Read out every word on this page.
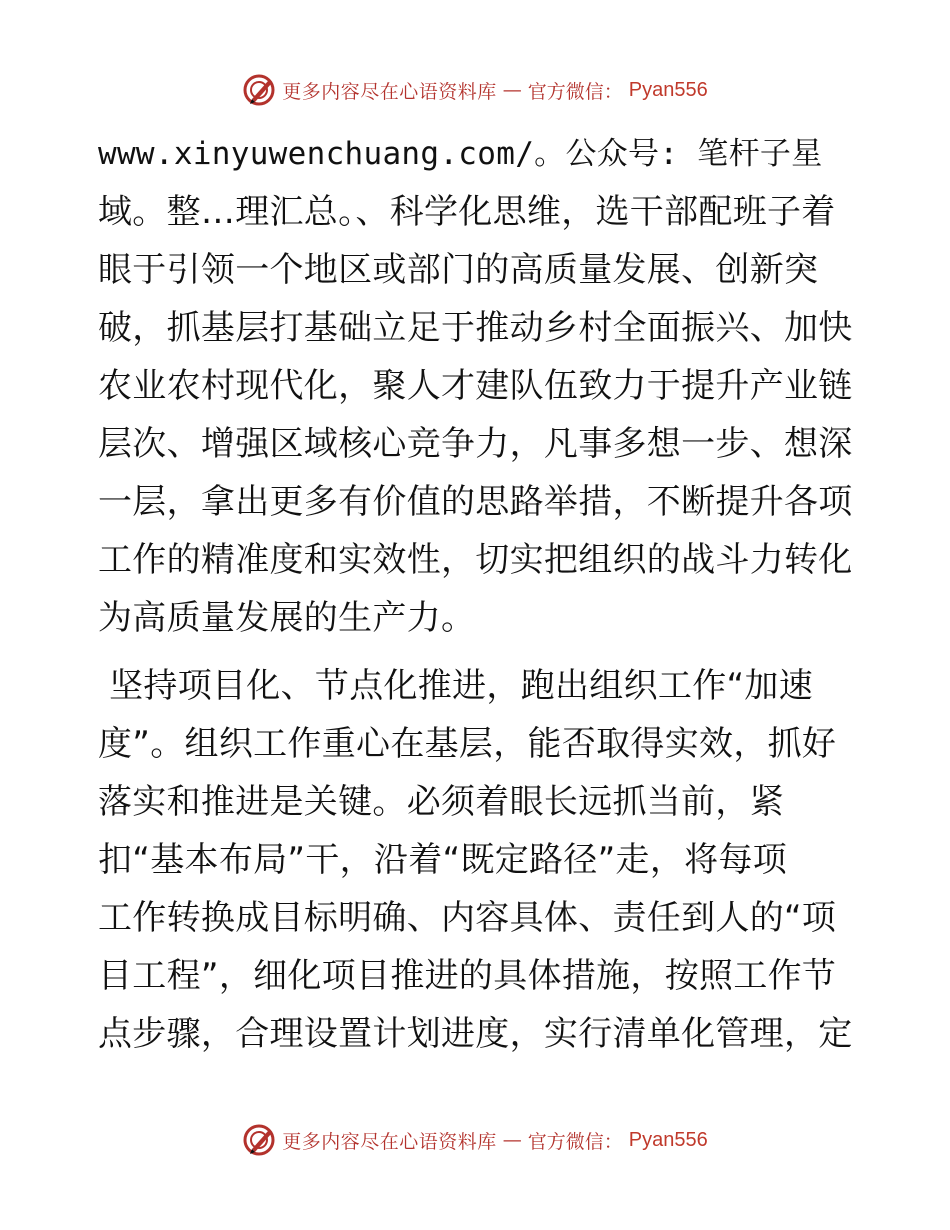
更多内容尽在心语资料库 — 官方微信： Pyan556
www.xinyuwenchuang.com/。公众号: 笔杆子星
域。整…理汇总。、科学化思维，选干部配班子着
眼于引领一个地区或部门的高质量发展、创新突
破，抓基层打基础立足于推动乡村全面振兴、加快
农业农村现代化，聚人才建队伍致力于提升产业链
层次、增强区域核心竞争力，凡事多想一步、想深
一层，拿出更多有价值的思路举措，不断提升各项
工作的精准度和实效性，切实把组织的战斗力转化
为高质量发展的生产力。
坚持项目化、节点化推进，跑出组织工作“加速
度”。组织工作重心在基层，能否取得实效，抓好
落实和推进是关键。必须着眼长远抓当前，紧
扣“基本布局”干，沿着“既定路径”走，将每项
工作转换成目标明确、内容具体、责任到人的“项
目工程”，细化项目推进的具体措施，按照工作节
点步骤，合理设置计划进度，实行清单化管理，定
更多内容尽在心语资料库 — 官方微信： Pyan556
